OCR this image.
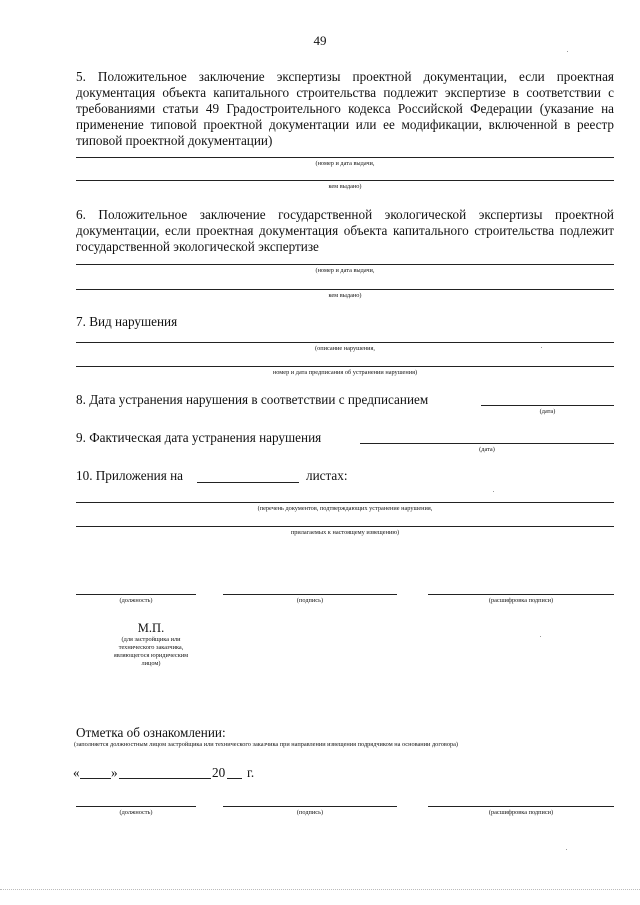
49
5. Положительное заключение экспертизы проектной документации, если проектная документация объекта капитального строительства подлежит экспертизе в соответствии с требованиями статьи 49 Градостроительного кодекса Российской Федерации (указание на применение типовой проектной документации или ее модификации, включенной в реестр типовой проектной документации)
(номер и дата выдачи,
кем выдано)
6. Положительное заключение государственной экологической экспертизы проектной документации, если проектная документация объекта капитального строительства подлежит государственной экологической экспертизе
(номер и дата выдачи,
кем выдано)
7. Вид нарушения
(описание нарушения,
номер и дата предписания об устранении нарушения)
8. Дата устранения нарушения в соответствии с предписанием
(дата)
9. Фактическая дата устранения нарушения
(дата)
10. Приложения на	листах:
(перечень документов, подтверждающих устранение нарушения,
прилагаемых к настоящему извещению)
(должность)	(подпись)	(расшифровка подписи)
М.П.
(для застройщика или
технического заказчика,
являющегося юридическим
лицом)
Отметка об ознакомлении:
(заполняется должностным лицом застройщика или технического заказчика при направлении извещения подрядчиком на основании договора)
« »	20 г.
(должность)	(подпись)	(расшифровка подписи)
